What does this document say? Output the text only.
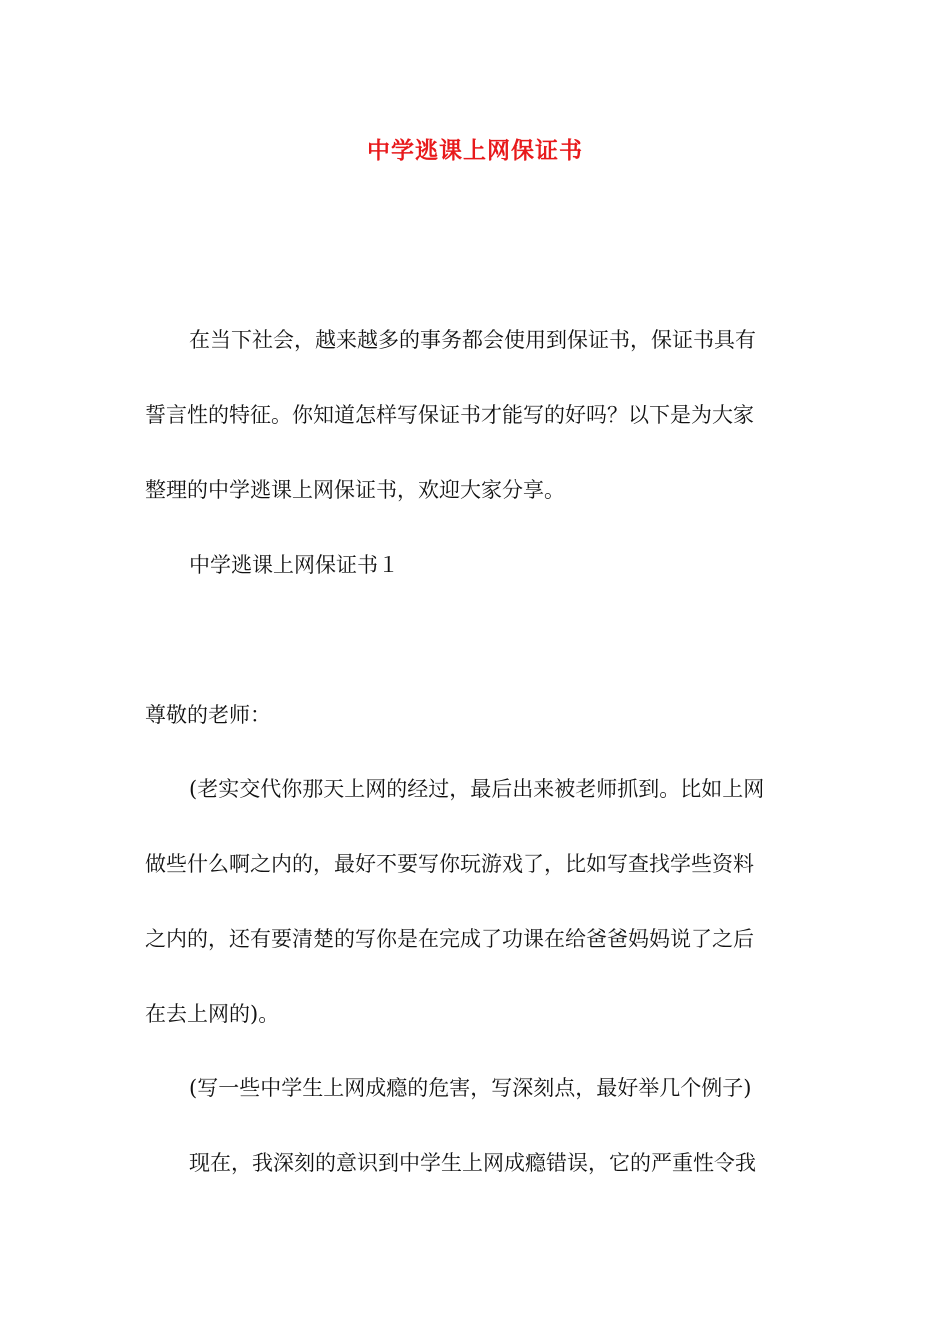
中学逃课上网保证书

在当下社会，越来越多的事务都会使用到保证书，保证书具有

誓言性的特征。你知道怎样写保证书才能写的好吗？以下是为大家

整理的中学逃课上网保证书，欢迎大家分享。

中学逃课上网保证书１

尊敬的老师：

(老实交代你那天上网的经过，最后出来被老师抓到。比如上网

做些什么啊之内的，最好不要写你玩游戏了，比如写查找学些资料

之内的，还有要清楚的写你是在完成了功课在给爸爸妈妈说了之后

在去上网的)。

(写一些中学生上网成瘾的危害，写深刻点，最好举几个例子)

现在，我深刻的意识到中学生上网成瘾错误，它的严重性令我
